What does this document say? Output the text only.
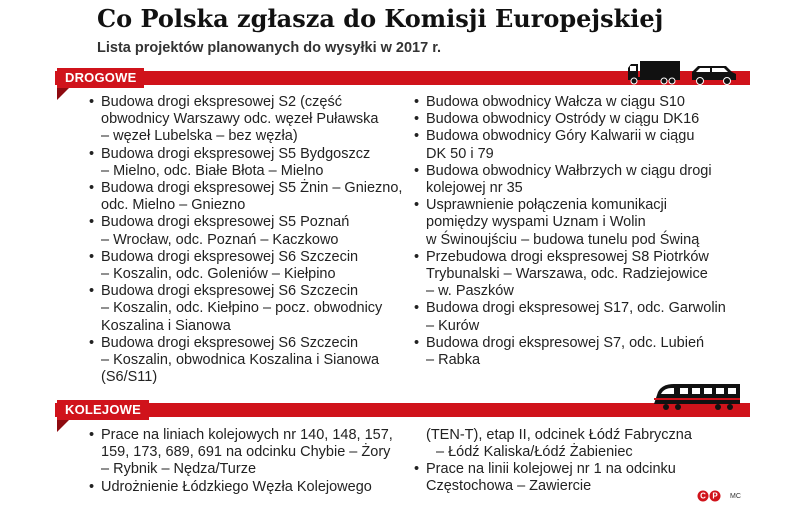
Co Polska zgłasza do Komisji Europejskiej
Lista projektów planowanych do wysyłki w 2017 r.
DROGOWE
• Budowa drogi ekspresowej S2 (część
obwodnicy Warszawy odc. węzeł Puławska
– węzeł Lubelska – bez węzła)
• Budowa drogi ekspresowej S5 Bydgoszcz
– Mielno, odc. Białe Błota – Mielno
• Budowa drogi ekspresowej S5 Żnin – Gniezno,
odc. Mielno – Gniezno
• Budowa drogi ekspresowej S5 Poznań
– Wrocław, odc. Poznań – Kaczkowo
• Budowa drogi ekspresowej S6 Szczecin
– Koszalin, odc. Goleniów – Kiełpino
• Budowa drogi ekspresowej S6 Szczecin
– Koszalin, odc. Kiełpino – pocz. obwodnicy
Koszalina i Sianowa
• Budowa drogi ekspresowej S6 Szczecin
– Koszalin, obwodnica Koszalina i Sianowa
(S6/S11)
• Budowa obwodnicy Wałcza w ciągu S10
• Budowa obwodnicy Ostródy w ciągu DK16
• Budowa obwodnicy Góry Kalwarii w ciągu
DK 50 i 79
• Budowa obwodnicy Wałbrzych w ciągu drogi
kolejowej nr 35
• Usprawnienie połączenia komunikacji
pomiędzy wyspami Uznam i Wolin
w Świnoujściu – budowa tunelu pod Świną
• Przebudowa drogi ekspresowej S8 Piotrków
Trybunalski – Warszawa, odc. Radziejowice
– w. Paszków
• Budowa drogi ekspresowej S17, odc. Garwolin
– Kurów
• Budowa drogi ekspresowej S7, odc. Lubień
– Rabka
KOLEJOWE
• Prace na liniach kolejowych nr 140, 148, 157,
159, 173, 689, 691 na odcinku Chybie – Żory
– Rybnik – Nędza/Turze
• Udrożnienie Łódzkiego Węzła Kolejowego
(TEN-T), etap II, odcinek Łódź Fabryczna
– Łódź Kaliska/Łódź Żabieniec
• Prace na linii kolejowej nr 1 na odcinku
Częstochowa – Zawiercie
C P MC
